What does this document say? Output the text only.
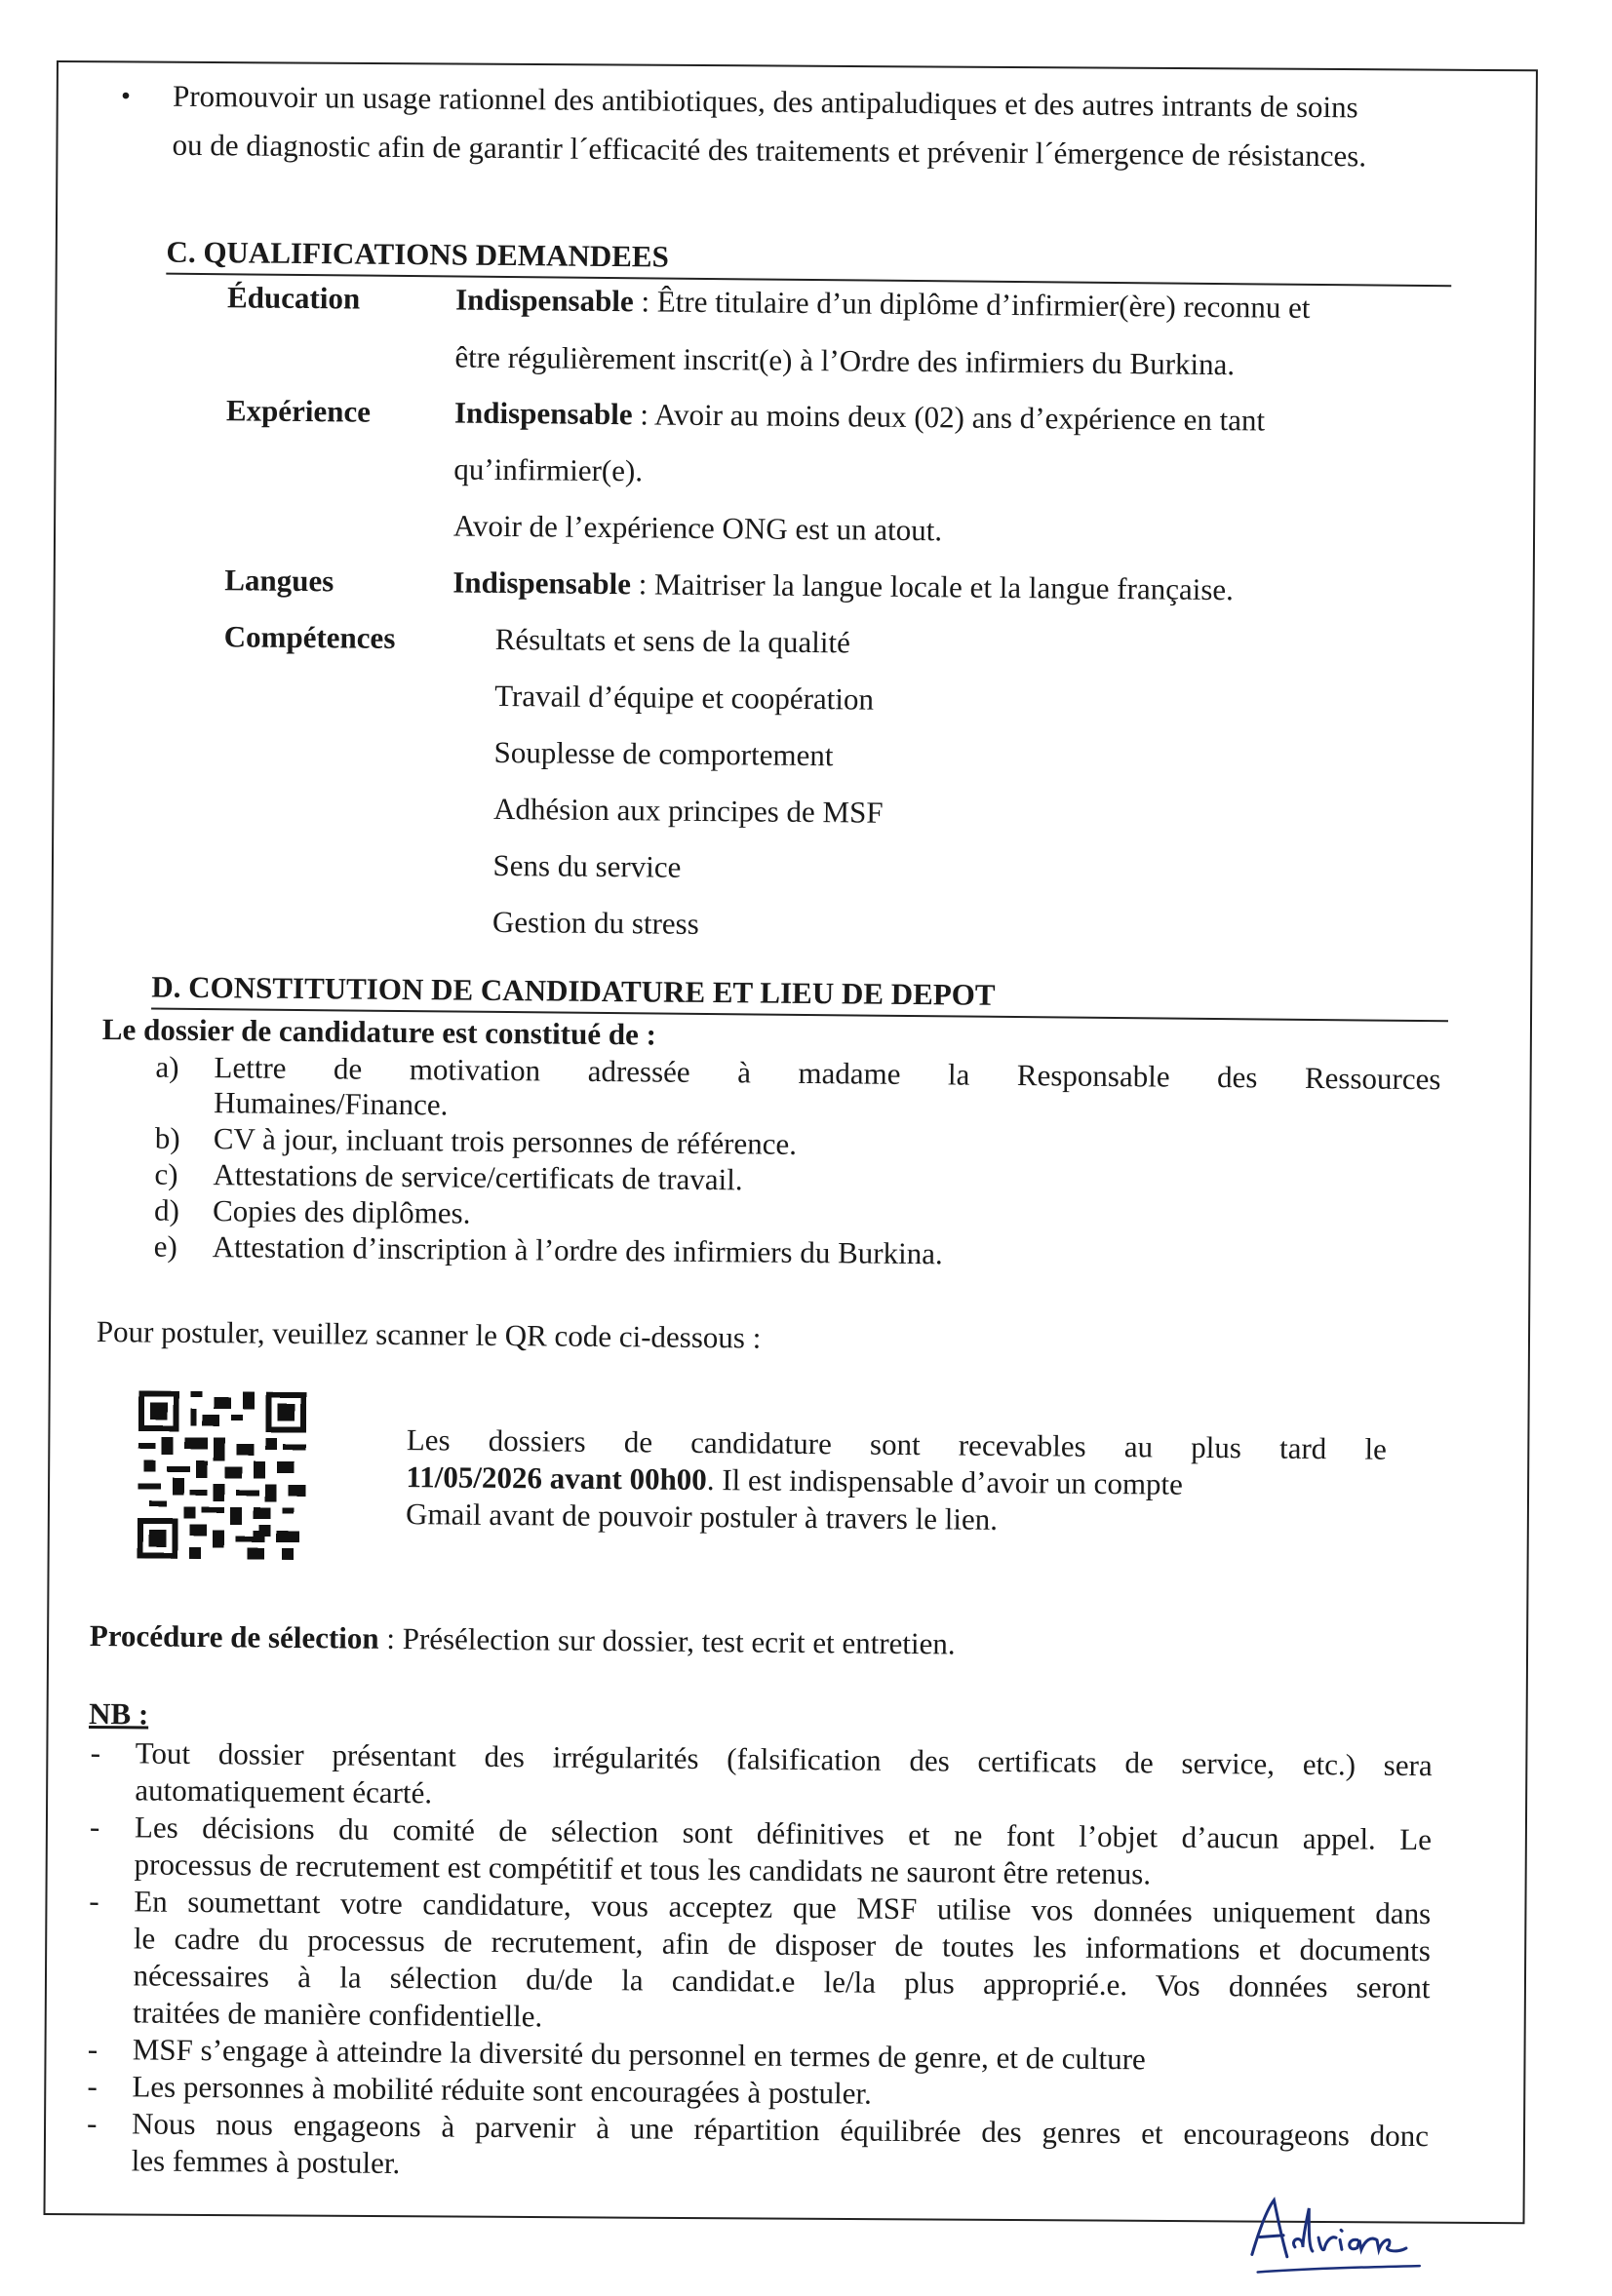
• Promouvoir un usage rationnel des antibiotiques, des antipaludiques et des autres intrants de soins
ou de diagnostic afin de garantir l´efficacité des traitements et prévenir l´émergence de résistances.
C. QUALIFICATIONS DEMANDEES
Éducation	Indispensable : Être titulaire d’un diplôme d’infirmier(ère) reconnu et
être régulièrement inscrit(e) à l’Ordre des infirmiers du Burkina.
Expérience	Indispensable : Avoir au moins deux (02) ans d’expérience en tant
qu’infirmier(e).
Avoir de l’expérience ONG est un atout.
Langues	Indispensable : Maitriser la langue locale et la langue française.
Compétences	Résultats et sens de la qualité
Travail d’équipe et coopération
Souplesse de comportement
Adhésion aux principes de MSF
Sens du service
Gestion du stress
D. CONSTITUTION DE CANDIDATURE ET LIEU DE DEPOT
Le dossier de candidature est constitué de :
a) Lettre de motivation adressée à madame la Responsable des Ressources
Humaines/Finance.
b) CV à jour, incluant trois personnes de référence.
c) Attestations de service/certificats de travail.
d) Copies des diplômes.
e) Attestation d’inscription à l’ordre des infirmiers du Burkina.
Pour postuler, veuillez scanner le QR code ci-dessous :
Les dossiers de candidature sont recevables au plus tard le
11/05/2026 avant 00h00. Il est indispensable d’avoir un compte
Gmail avant de pouvoir postuler à travers le lien.
Procédure de sélection : Présélection sur dossier, test ecrit et entretien.
NB :
- Tout dossier présentant des irrégularités (falsification des certificats de service, etc.) sera
automatiquement écarté.
- Les décisions du comité de sélection sont définitives et ne font l’objet d’aucun appel. Le
processus de recrutement est compétitif et tous les candidats ne sauront être retenus.
- En soumettant votre candidature, vous acceptez que MSF utilise vos données uniquement dans
le cadre du processus de recrutement, afin de disposer de toutes les informations et documents
nécessaires à la sélection du/de la candidat.e le/la plus approprié.e. Vos données seront
traitées de manière confidentielle.
- MSF s’engage à atteindre la diversité du personnel en termes de genre, et de culture
- Les personnes à mobilité réduite sont encouragées à postuler.
- Nous nous engageons à parvenir à une répartition équilibrée des genres et encourageons donc
les femmes à postuler.
